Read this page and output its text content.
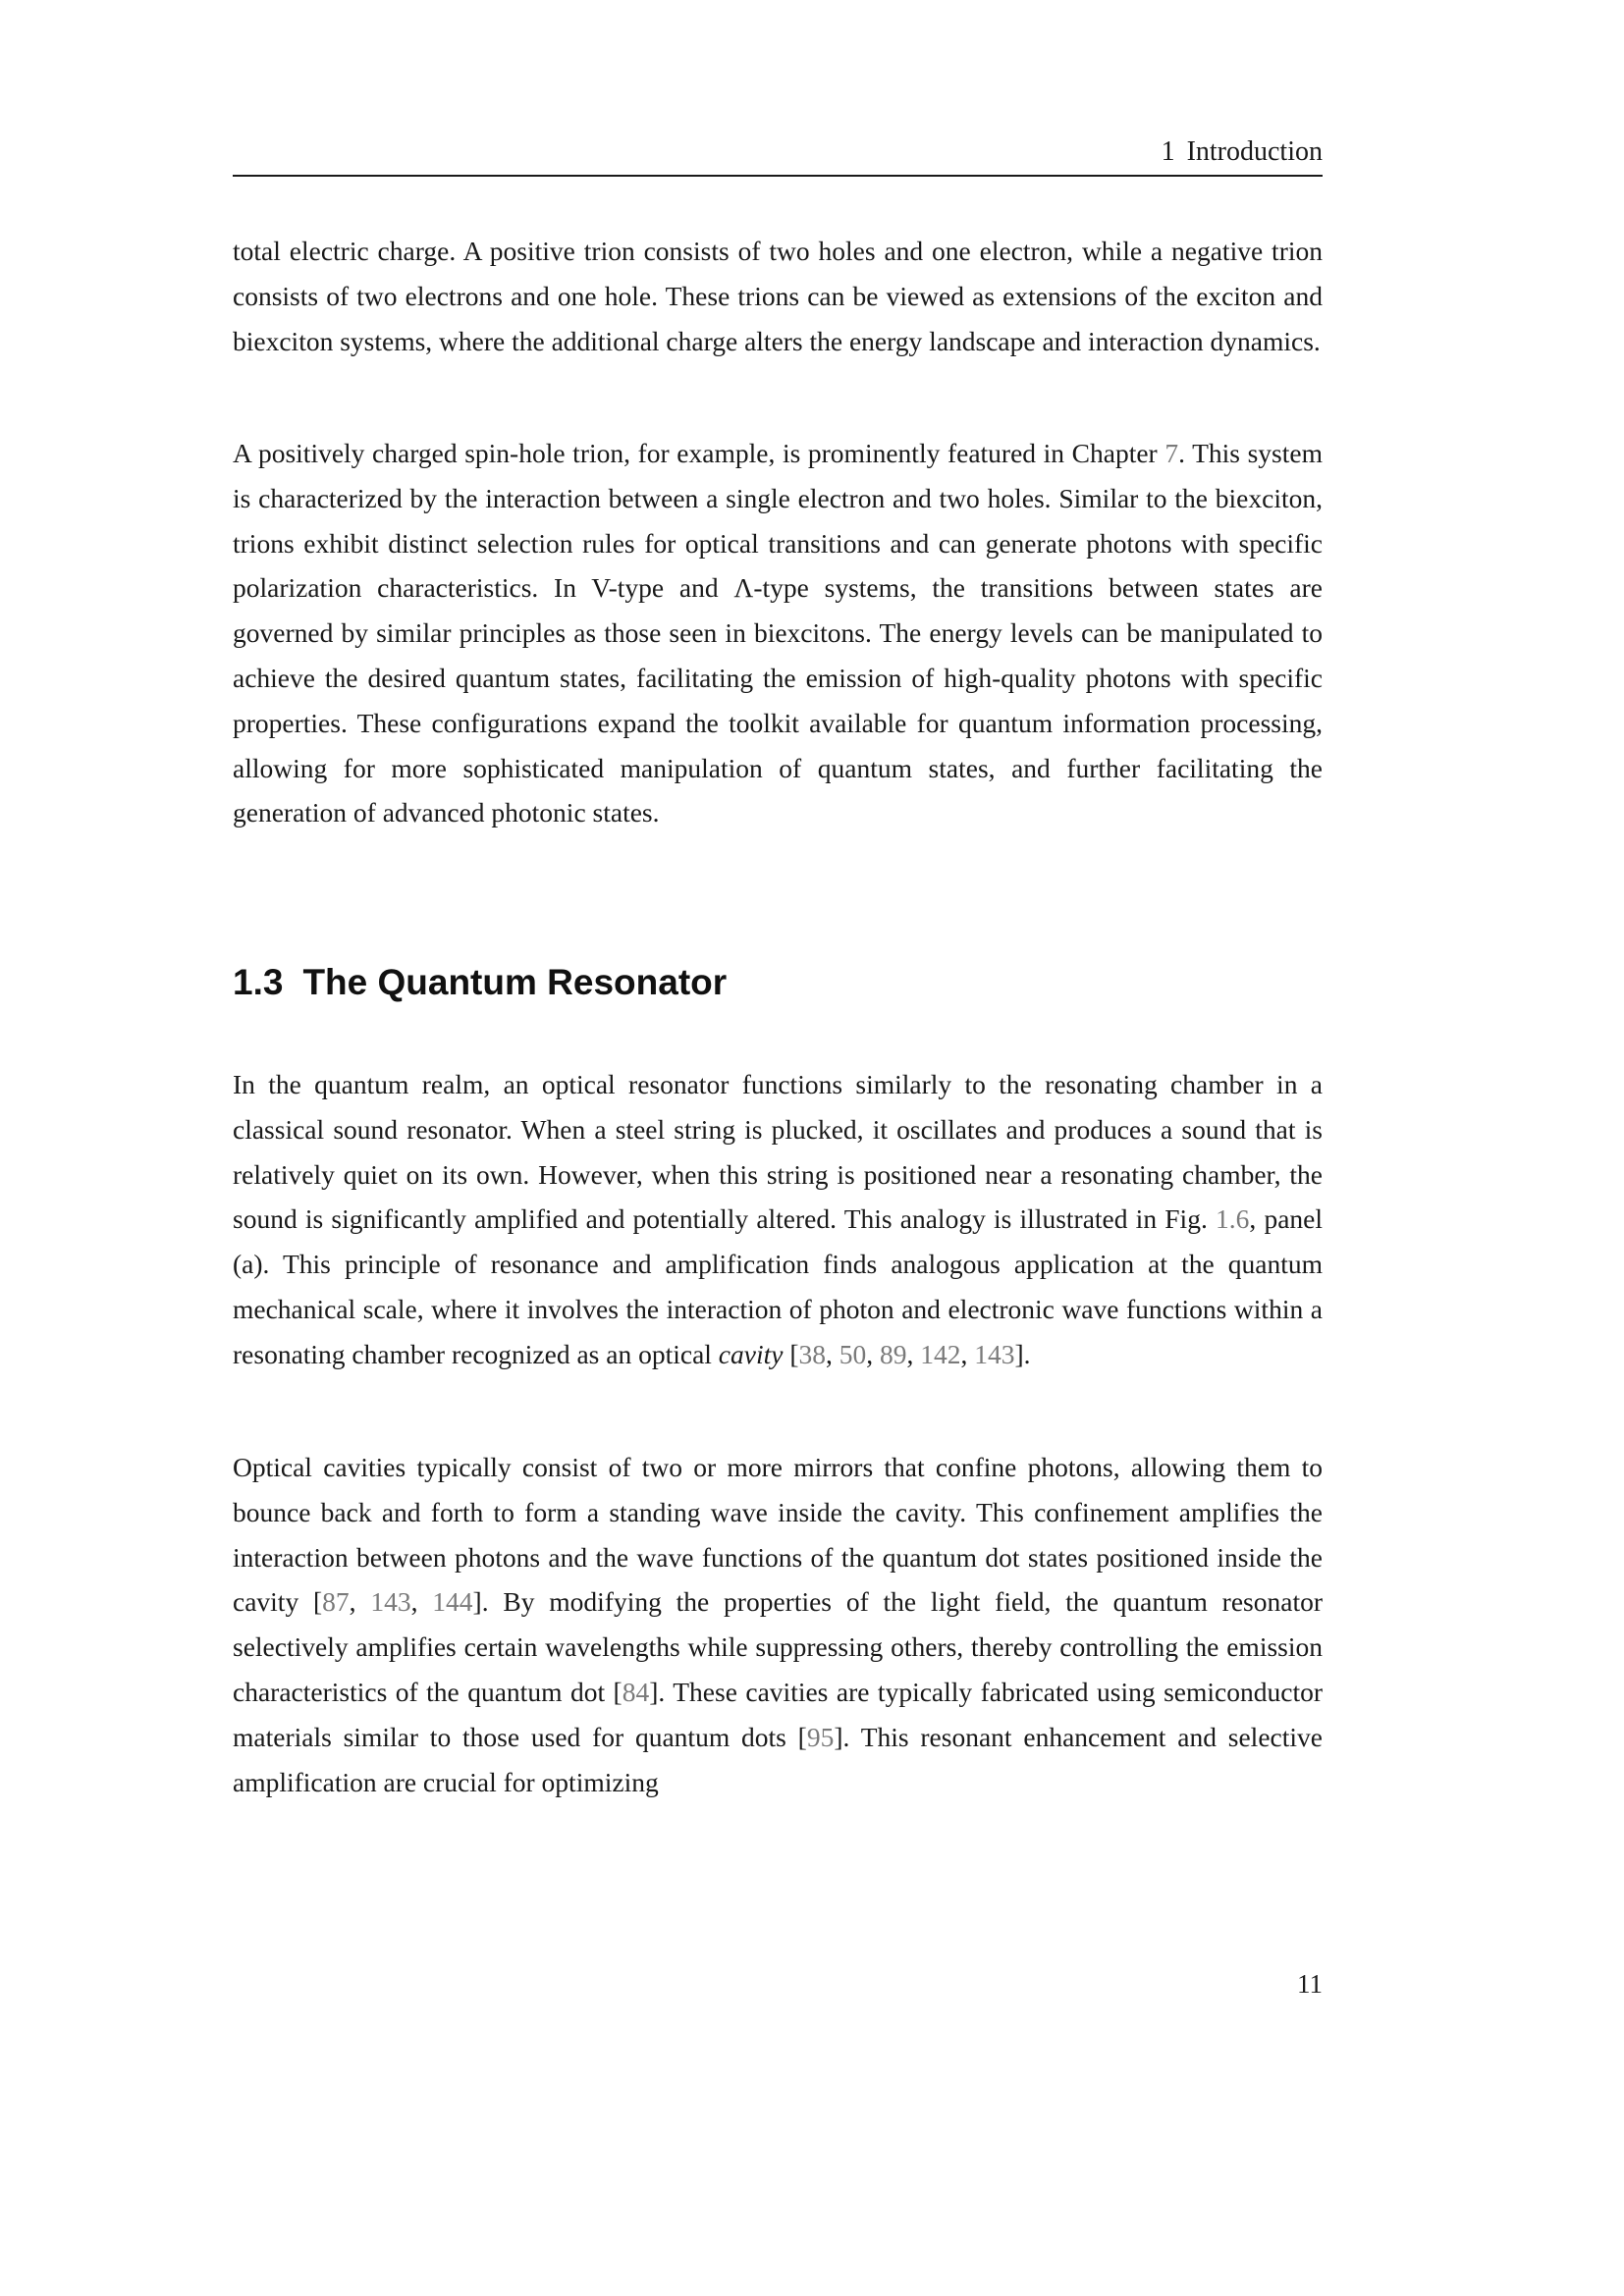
1 Introduction

total electric charge. A positive trion consists of two holes and one electron, while a negative trion consists of two electrons and one hole. These trions can be viewed as extensions of the exciton and biexciton systems, where the additional charge alters the energy landscape and interaction dynamics.

A positively charged spin-hole trion, for example, is prominently featured in Chapter 7. This system is characterized by the interaction between a single electron and two holes. Similar to the biexciton, trions exhibit distinct selection rules for optical transitions and can generate photons with specific polarization characteristics. In V-type and Λ-type systems, the transitions between states are governed by similar principles as those seen in biexcitons. The energy levels can be manipulated to achieve the desired quantum states, facilitating the emission of high-quality photons with specific properties. These configurations expand the toolkit available for quantum information processing, allowing for more sophisticated manipulation of quantum states, and further facilitating the generation of advanced photonic states.

1.3 The Quantum Resonator

In the quantum realm, an optical resonator functions similarly to the resonating chamber in a classical sound resonator. When a steel string is plucked, it oscillates and produces a sound that is relatively quiet on its own. However, when this string is positioned near a resonating chamber, the sound is significantly amplified and potentially altered. This analogy is illustrated in Fig. 1.6, panel (a). This principle of resonance and amplification finds analogous application at the quantum mechanical scale, where it involves the interaction of photon and electronic wave functions within a resonating chamber recognized as an optical cavity [38, 50, 89, 142, 143].

Optical cavities typically consist of two or more mirrors that confine photons, allowing them to bounce back and forth to form a standing wave inside the cavity. This confinement amplifies the interaction between photons and the wave functions of the quantum dot states positioned inside the cavity [87, 143, 144]. By modifying the properties of the light field, the quantum resonator selectively amplifies certain wavelengths while suppressing others, thereby controlling the emission characteristics of the quantum dot [84]. These cavities are typically fabricated using semiconductor materials similar to those used for quantum dots [95]. This resonant enhancement and selective amplification are crucial for optimizing

11
